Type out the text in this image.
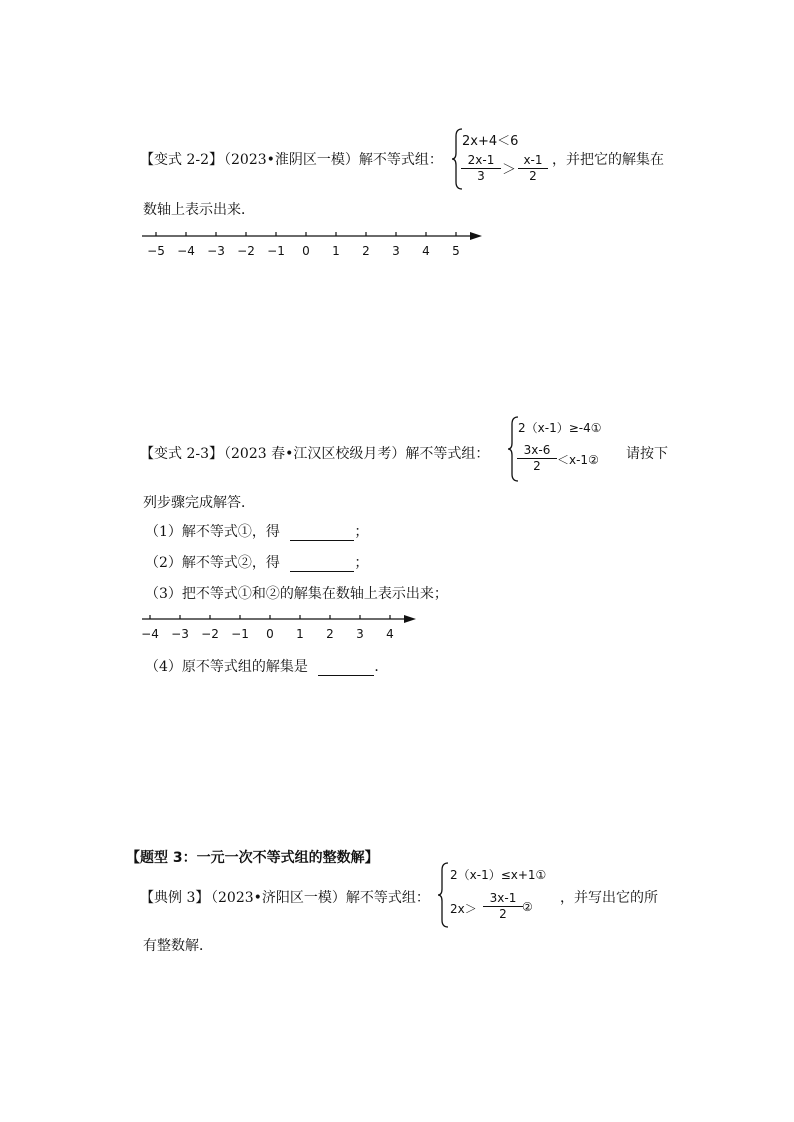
【变式 2-2】
（2023•淮阴区一模）解不等式组：
2x+4＜6
$\frac{2x-1}{3} > \frac{x-1}{2}$ ，并把它的解集在
数轴上表示出来．
−5 −4 −3 −2 −1 0 1 2 3 4 5
【变式 2-3】
（2023 春•江汉区校级月考）解不等式组：
2（x-1）≥-4①
$\frac{3x-6}{2}$ ＜x-1② 请按下
列步骤完成解答．
（1）解不等式①，得	；
（2）解不等式②，得	；
（3）把不等式①和②的解集在数轴上表示出来；
−4 −3 −2 −1 0 1 2 3 4
（4）原不等式组的解集是	．
【题型 3：一元一次不等式组的整数解】
【典例 3】
（2023•济阳区一模）解不等式组：
2（x-1）≤x+1①
$2x> \frac{3x-1}{2}$ ②
，并写出它的所
有整数解．
